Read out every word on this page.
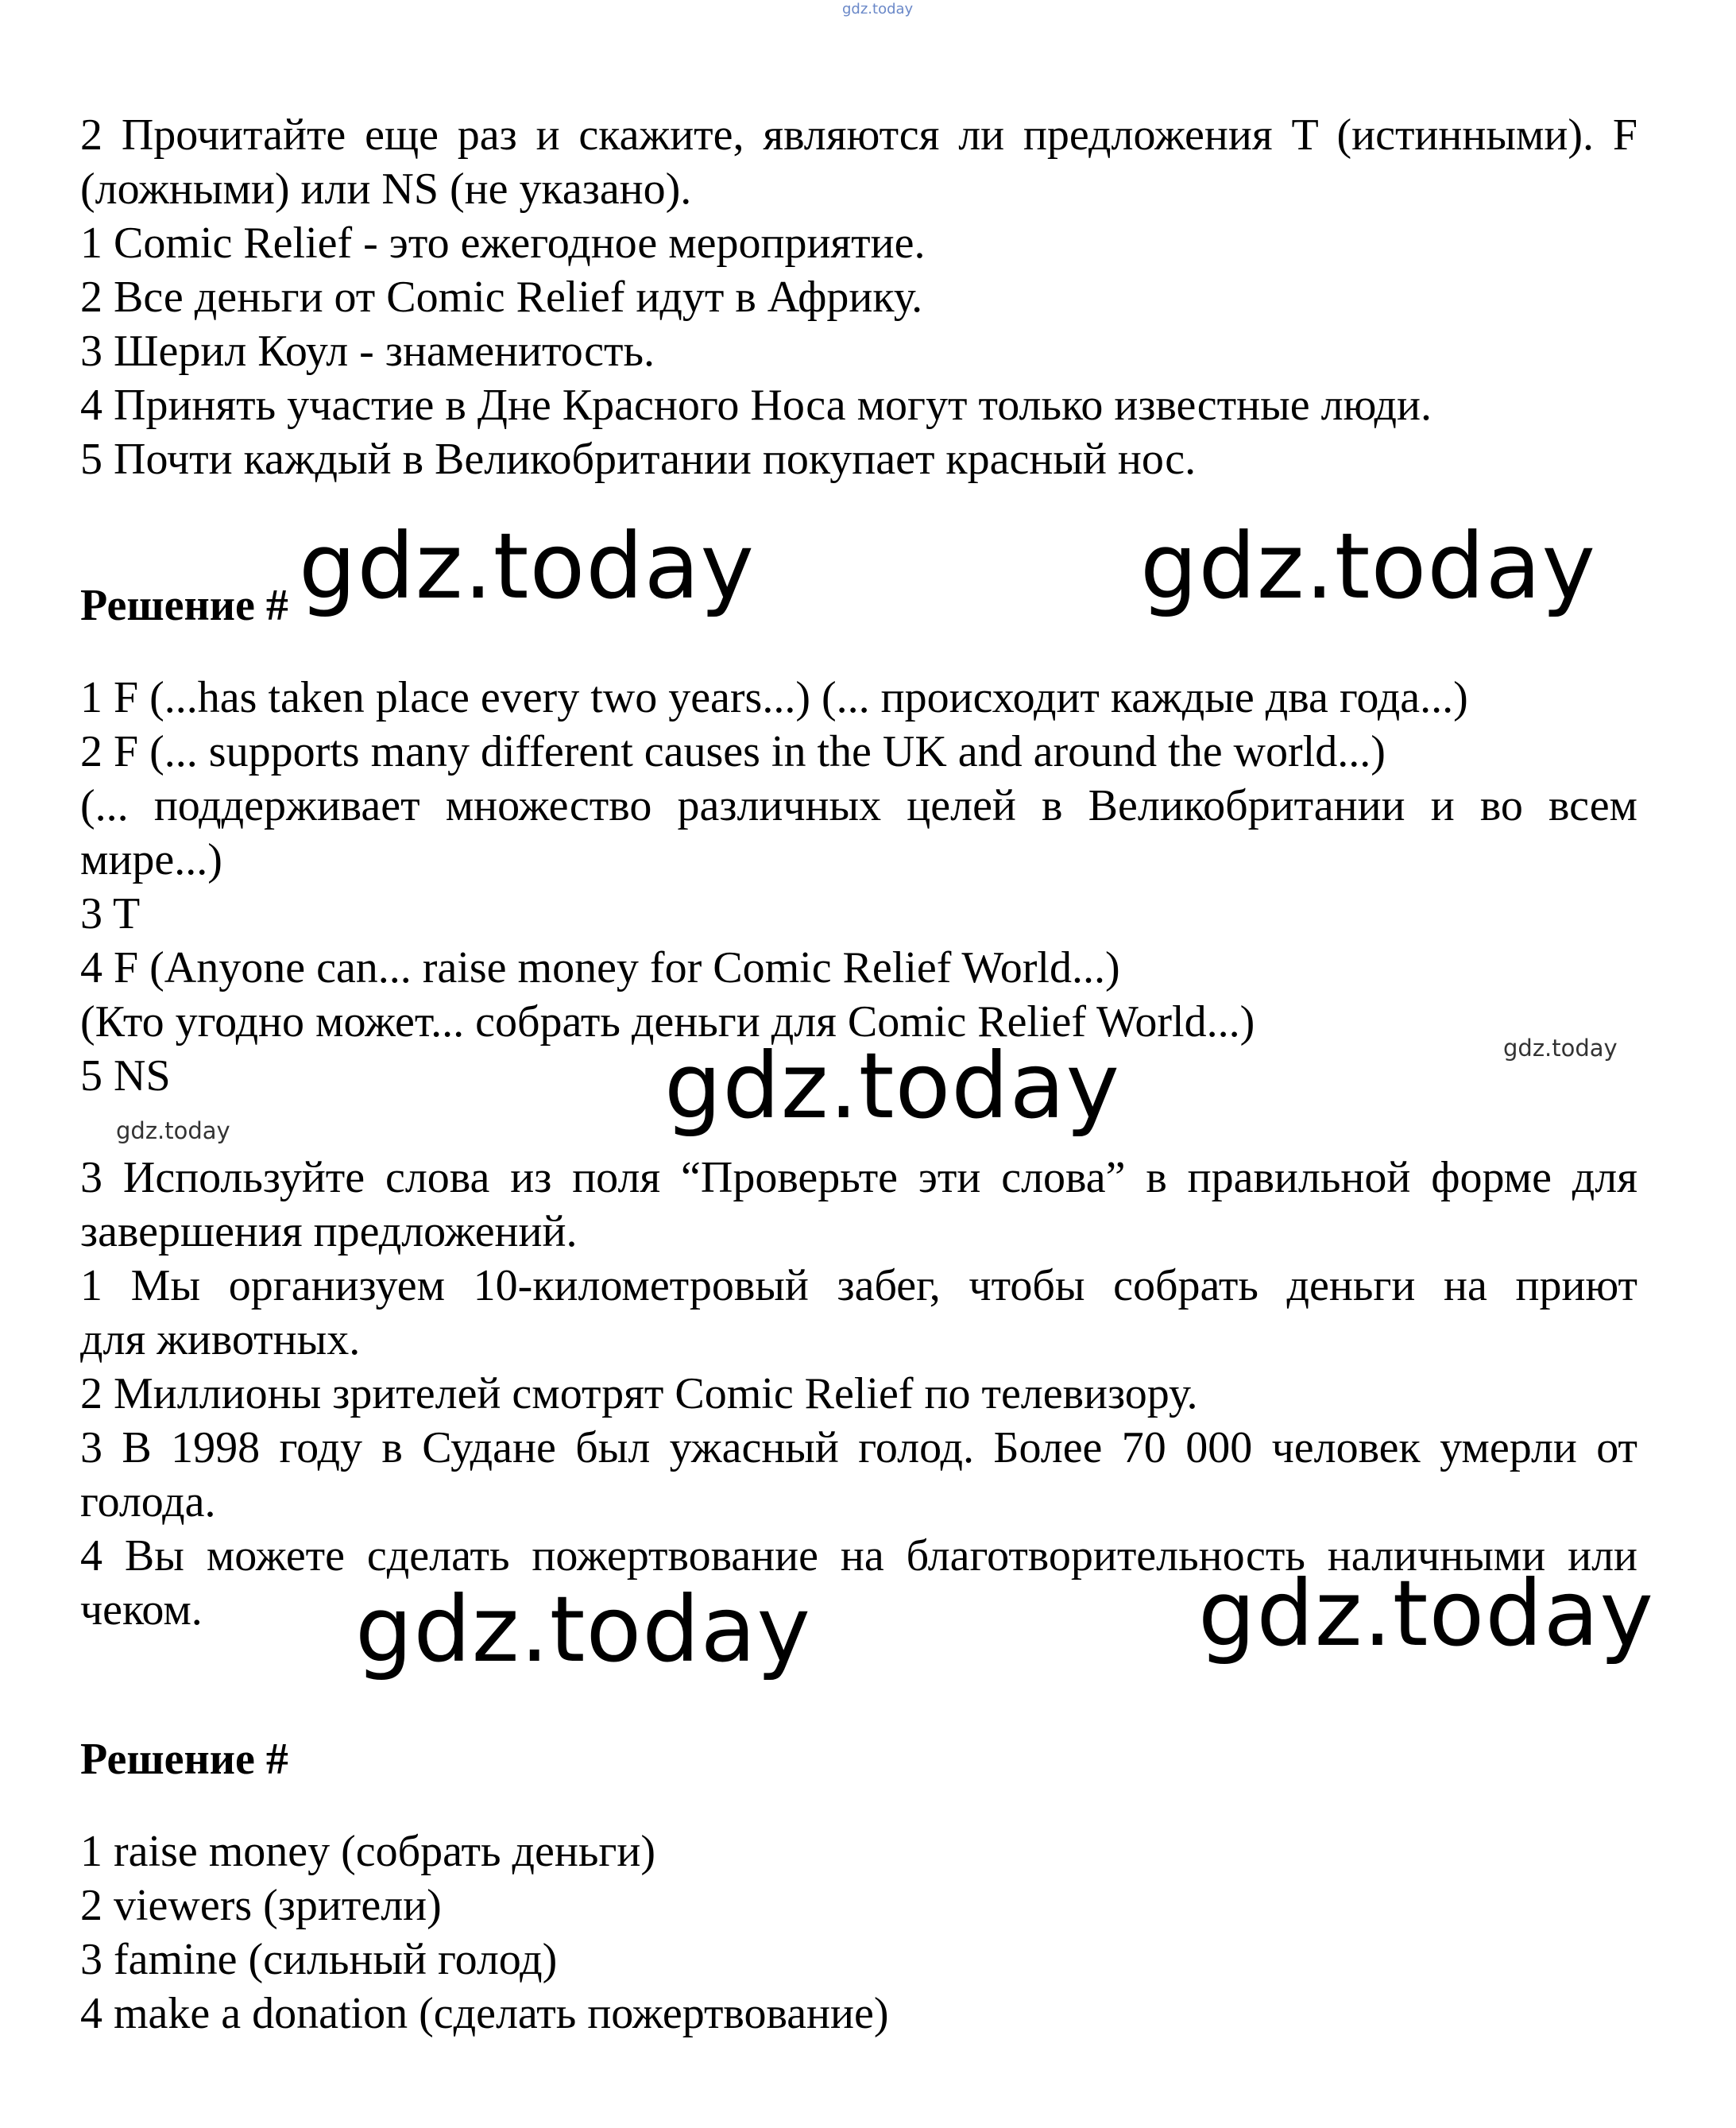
gdz.today

2 Прочитайте еще раз и скажите, являются ли предложения T (истинными). F

(ложными) или NS (не указано).

1 Comic Relief - это ежегодное мероприятие.

2 Все деньги от Comic Relief идут в Африку.

3 Шерил Коул - знаменитость.

4 Принять участие в Дне Красного Носа могут только известные люди.

5 Почти каждый в Великобритании покупает красный нос.

gdz.today	gdz.today

Решение #

1 F (...has taken place every two years...) (... происходит каждые два года...)

2 F (... supports many different causes in the UK and around the world...)

(... поддерживает множество различных целей в Великобритании и во всем

мире...)

3 T

4 F (Anyone can... raise money for Comic Relief World...)

(Кто угодно может... собрать деньги для Comic Relief World...)

5 NS

gdz.today
gdz.today
gdz.today

3 Используйте слова из поля “Проверьте эти слова” в правильной форме для

завершения предложений.

1 Мы организуем 10-километровый забег, чтобы собрать деньги на приют

для животных.

2 Миллионы зрителей смотрят Comic Relief по телевизору.

3 В 1998 году в Судане был ужасный голод. Более 70 000 человек умерли от

голода.

4 Вы можете сделать пожертвование на благотворительность наличными или

чеком. gdz.today	gdz.today

Решение #

1 raise money (собрать деньги)

2 viewers (зрители)

3 famine (сильный голод)

4 make a donation (сделать пожертвование)
